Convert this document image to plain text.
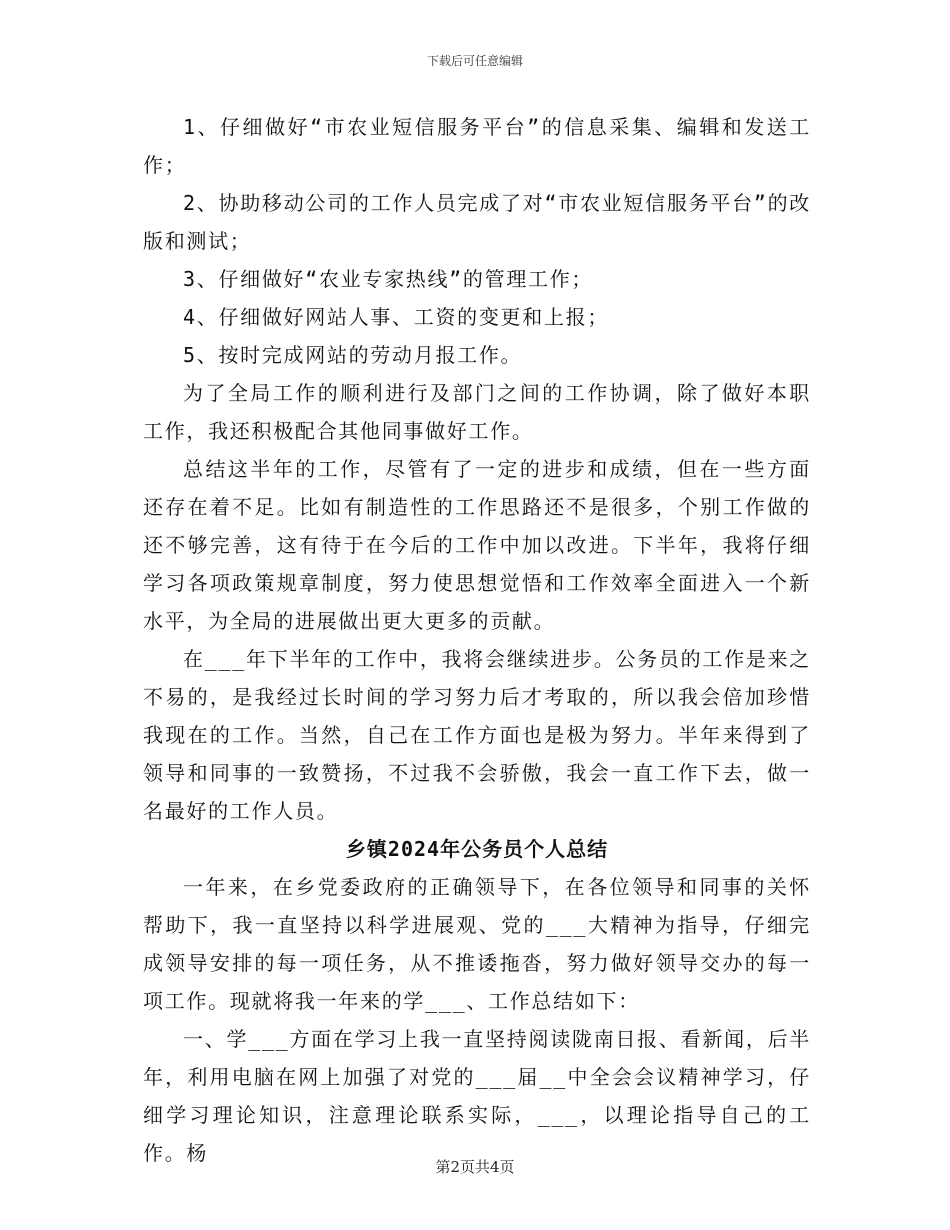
下载后可任意编辑

1、仔细做好“市农业短信服务平台”的信息采集、编辑和发送工作；

2、协助移动公司的工作人员完成了对“市农业短信服务平台”的改版和测试；

3、仔细做好“农业专家热线”的管理工作；

4、仔细做好网站人事、工资的变更和上报；

5、按时完成网站的劳动月报工作。

为了全局工作的顺利进行及部门之间的工作协调，除了做好本职工作，我还积极配合其他同事做好工作。

总结这半年的工作，尽管有了一定的进步和成绩，但在一些方面还存在着不足。比如有制造性的工作思路还不是很多，个别工作做的还不够完善，这有待于在今后的工作中加以改进。下半年，我将仔细学习各项政策规章制度，努力使思想觉悟和工作效率全面进入一个新水平，为全局的进展做出更大更多的贡献。

在___年下半年的工作中，我将会继续进步。公务员的工作是来之不易的，是我经过长时间的学习努力后才考取的，所以我会倍加珍惜我现在的工作。当然，自己在工作方面也是极为努力。半年来得到了领导和同事的一致赞扬，不过我不会骄傲，我会一直工作下去，做一名最好的工作人员。

乡镇2024年公务员个人总结

一年来，在乡党委政府的正确领导下，在各位领导和同事的关怀帮助下，我一直坚持以科学进展观、党的___大精神为指导，仔细完成领导安排的每一项任务，从不推诿拖沓，努力做好领导交办的每一项工作。现就将我一年来的学___、工作总结如下：

一、学___方面在学习上我一直坚持阅读陇南日报、看新闻，后半年，利用电脑在网上加强了对党的___届__中全会会议精神学习，仔细学习理论知识，注意理论联系实际，___，以理论指导自己的工作。杨

第2页共4页
